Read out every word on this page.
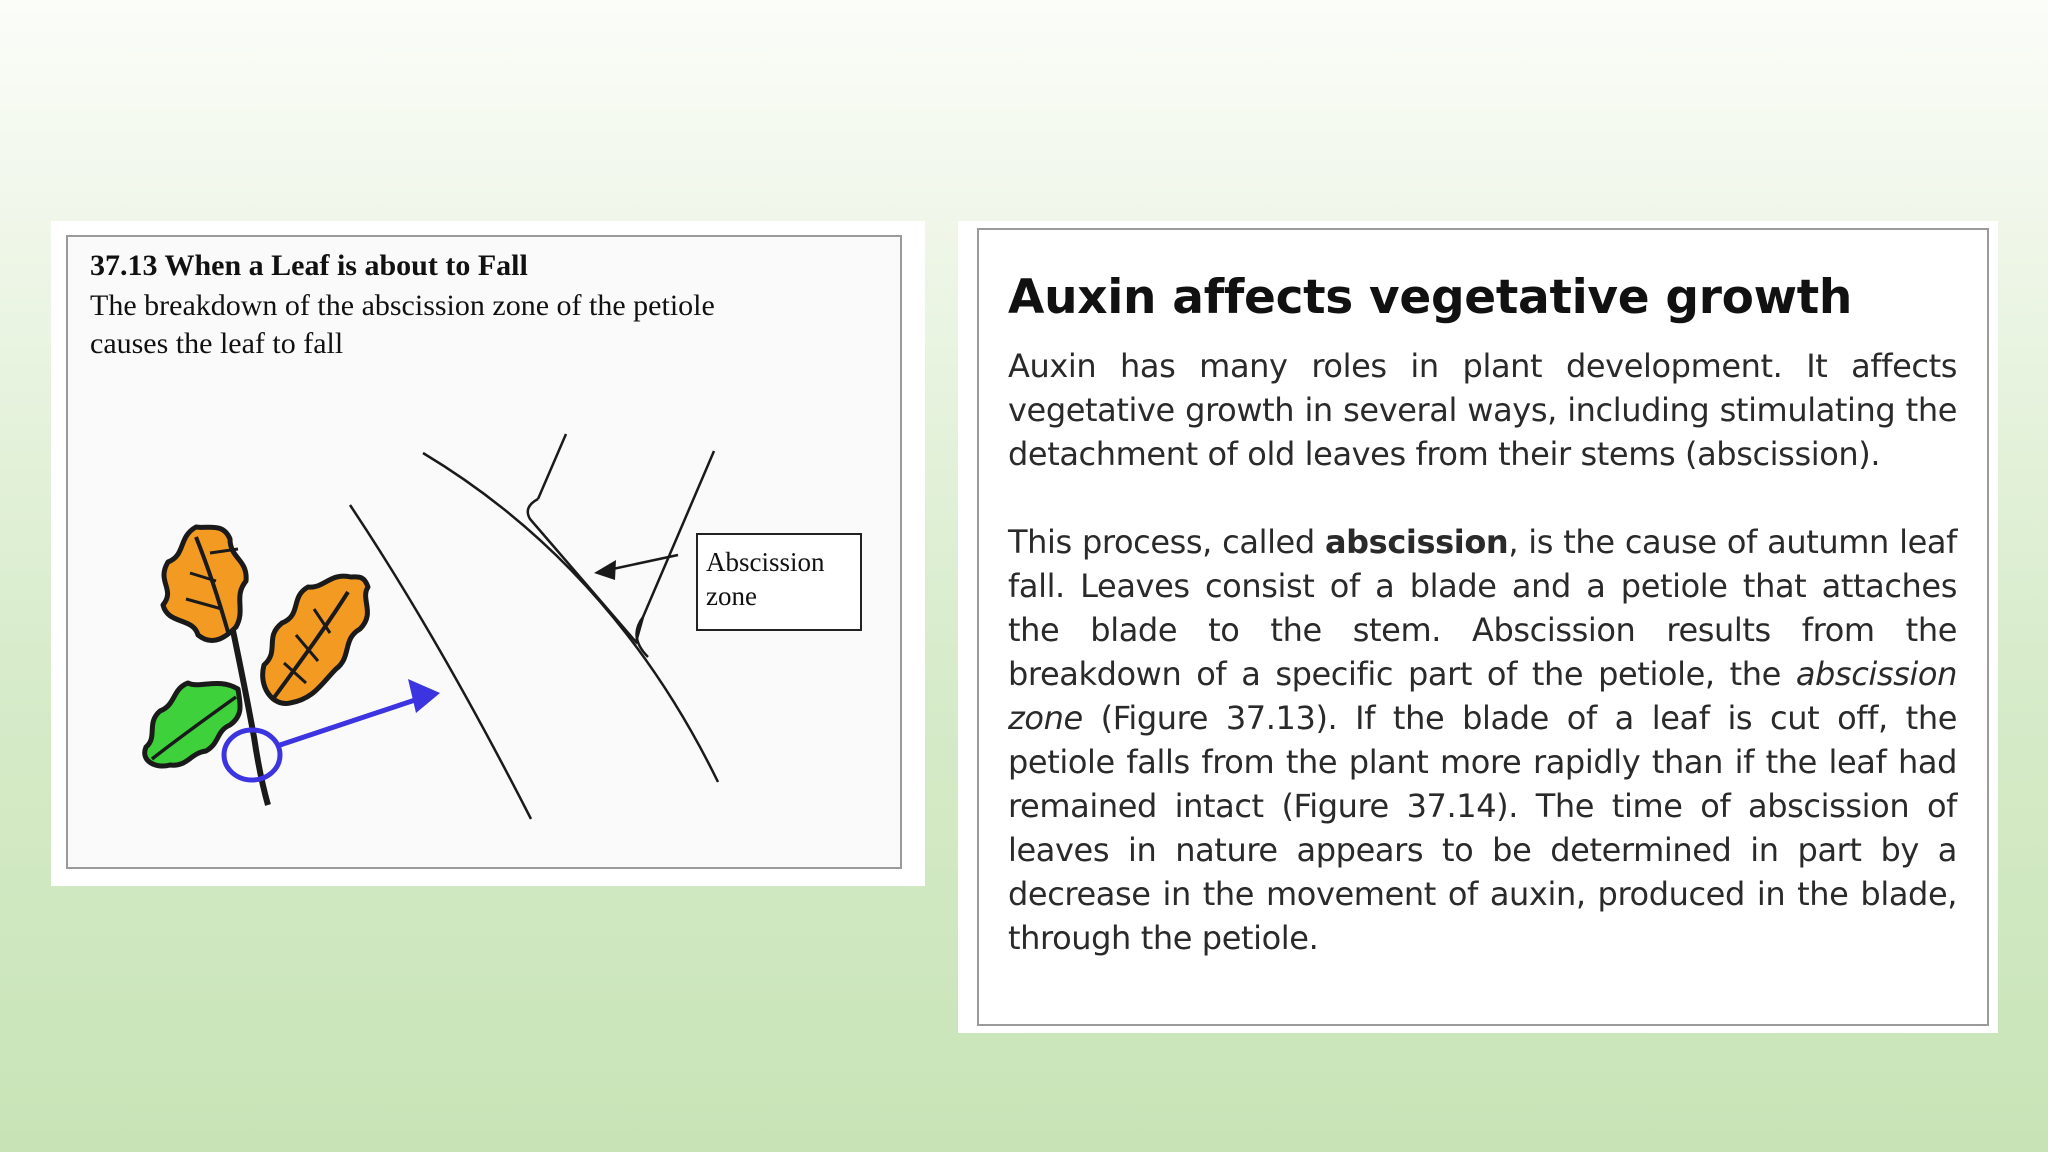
37.13 When a Leaf is about to Fall
The breakdown of the abscission zone of the petiole causes the leaf to fall
Abscission
zone
Auxin affects vegetative growth

Auxin has many roles in plant development. It affects vegetative growth in several ways, including stimulating the detachment of old leaves from their stems (abscission).

This process, called abscission, is the cause of autumn leaf fall. Leaves consist of a blade and a petiole that attaches the blade to the stem. Abscission results from the breakdown of a specific part of the petiole, the abscission zone (Figure 37.13). If the blade of a leaf is cut off, the petiole falls from the plant more rapidly than if the leaf had remained intact (Figure 37.14). The time of abscission of leaves in nature appears to be determined in part by a decrease in the movement of auxin, produced in the blade, through the petiole.
